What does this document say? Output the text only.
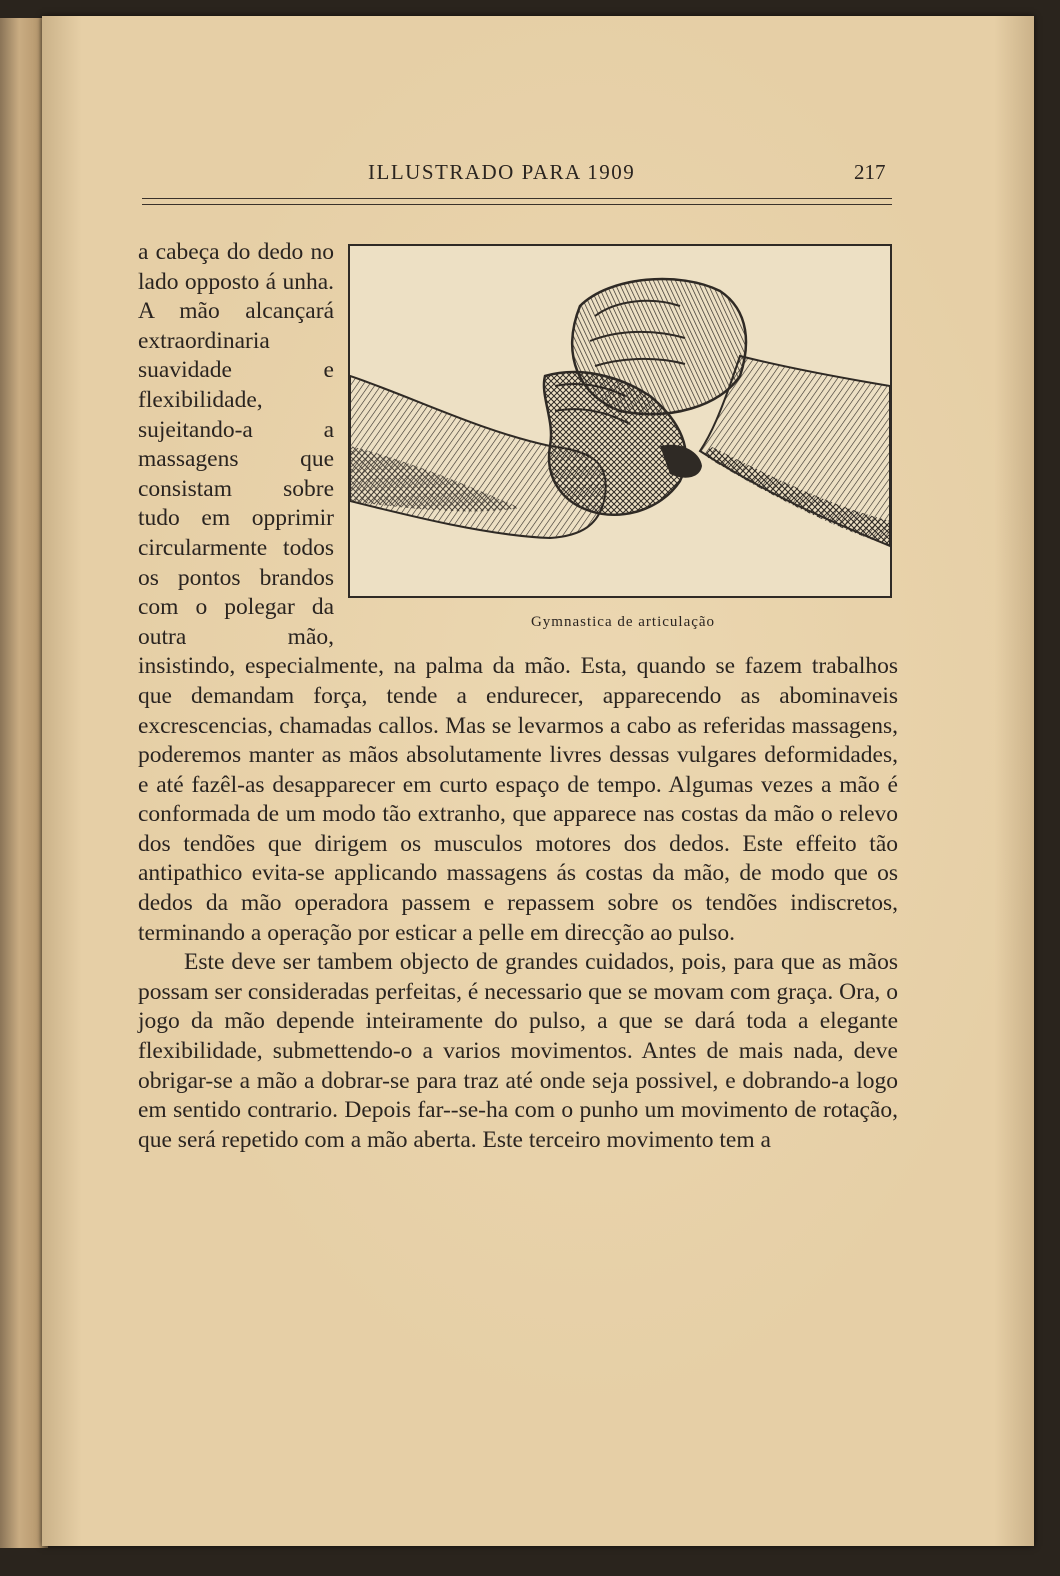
ILLUSTRADO PARA 1909	217
Gymnastica de articulação

a cabeça do dedo no lado opposto á unha. A mão alcançará extraordinaria suavidade e flexibilidade, sujeitando-a a massagens que consistam sobre tudo em opprimir circularmente todos os pontos brandos com o polegar da outra mão, insistindo, especialmente, na palma da mão. Esta, quando se fazem trabalhos que demandam força, tende a endurecer, apparecendo as abominaveis excrescencias, chamadas callos. Mas se levarmos a cabo as referidas massagens, poderemos manter as mãos absolutamente livres dessas vulgares deformidades, e até fazêl-as desapparecer em curto espaço de tempo. Algumas vezes a mão é conformada de um modo tão extranho, que apparece nas costas da mão o relevo dos tendões que dirigem os musculos motores dos dedos. Este effeito tão antipathico evita-se applicando massagens ás costas da mão, de modo que os dedos da mão operadora passem e repassem sobre os tendões indiscretos, terminando a operação por esticar a pelle em direcção ao pulso.

Este deve ser tambem objecto de grandes cuidados, pois, para que as mãos possam ser consideradas perfeitas, é necessario que se movam com graça. Ora, o jogo da mão depende inteiramente do pulso, a que se dará toda a elegante flexibilidade, submettendo-o a varios movimentos. Antes de mais nada, deve obrigar-se a mão a dobrar-se para traz até onde seja possivel, e dobrando-a logo em sentido contrario. Depois far--se-ha com o punho um movimento de rotação, que será repetido com a mão aberta. Este terceiro movimento tem a
